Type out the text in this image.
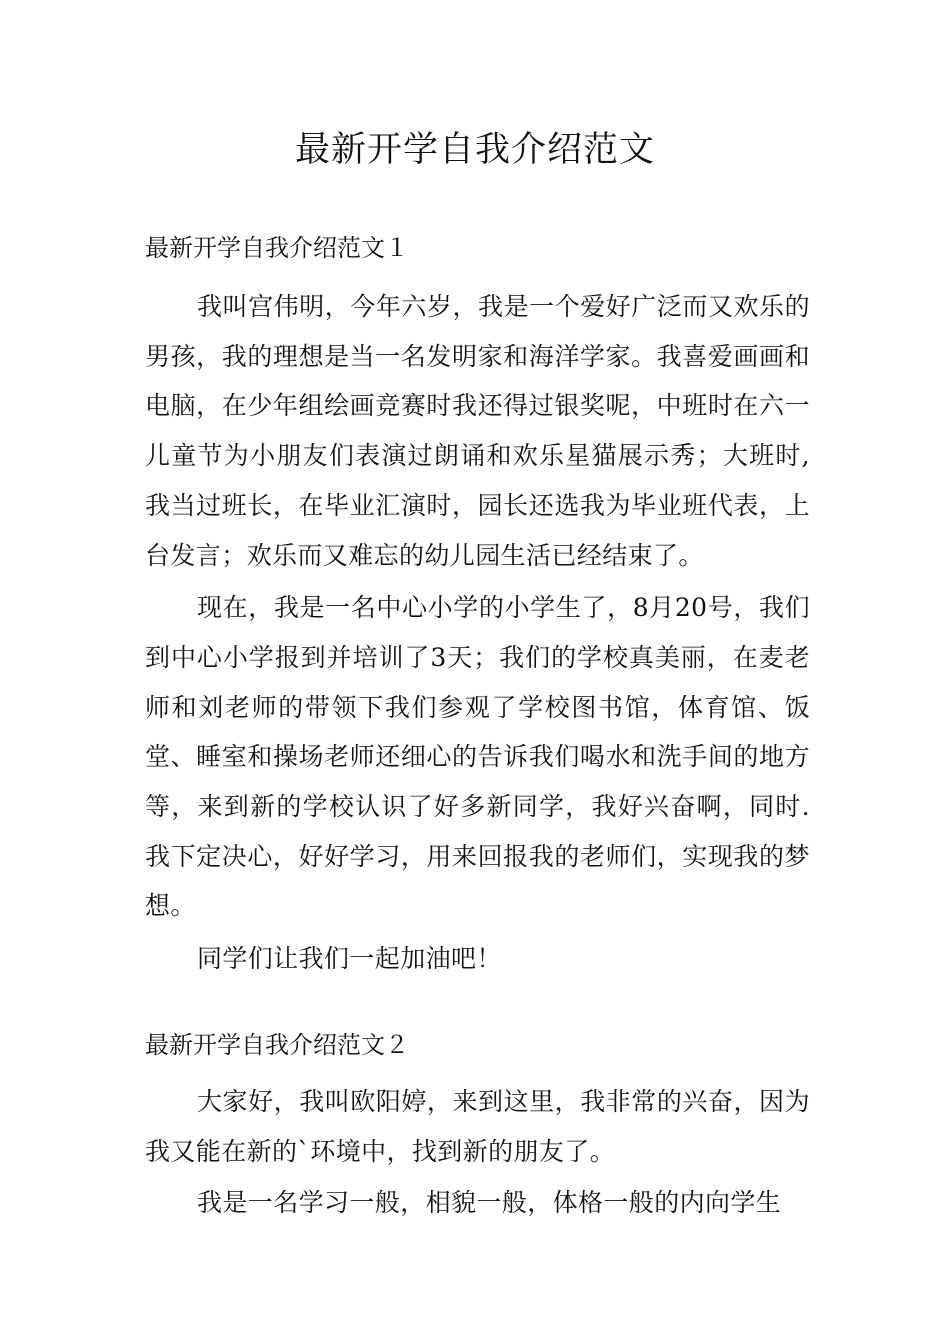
最新开学自我介绍范文

最新开学自我介绍范文１

我叫宫伟明，今年六岁，我是一个爱好广泛而又欢乐的男孩，我的理想是当一名发明家和海洋学家。我喜爱画画和电脑，在少年组绘画竞赛时我还得过银奖呢，中班时在六一儿童节为小朋友们表演过朗诵和欢乐星猫展示秀；大班时,我当过班长，在毕业汇演时，园长还选我为毕业班代表，上台发言；欢乐而又难忘的幼儿园生活已经结束了。

现在，我是一名中心小学的小学生了，8月20号，我们到中心小学报到并培训了3天；我们的学校真美丽，在麦老师和刘老师的带领下我们参观了学校图书馆，体育馆、饭堂、睡室和操场老师还细心的告诉我们喝水和洗手间的地方等，来到新的学校认识了好多新同学，我好兴奋啊，同时.我下定决心，好好学习，用来回报我的老师们，实现我的梦想。

同学们让我们一起加油吧！

最新开学自我介绍范文２

大家好，我叫欧阳婷，来到这里，我非常的兴奋，因为我又能在新的`环境中，找到新的朋友了。

我是一名学习一般，相貌一般，体格一般的内向学生
